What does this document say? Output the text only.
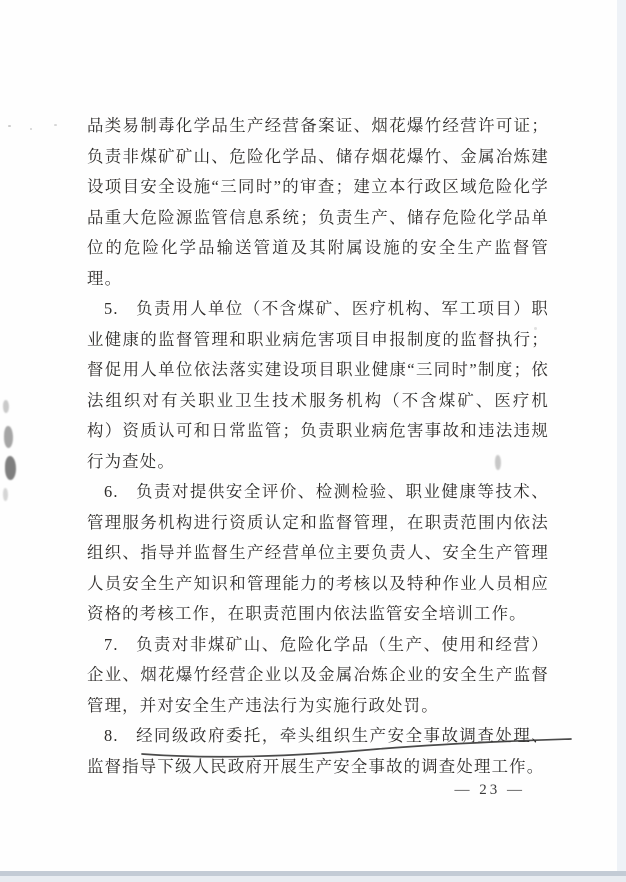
品类易制毒化学品生产经营备案证、烟花爆竹经营许可证；负责非煤矿矿山、危险化学品、储存烟花爆竹、金属冶炼建设项目安全设施“三同时”的审查；建立本行政区域危险化学品重大危险源监管信息系统；负责生产、储存危险化学品单位的危险化学品输送管道及其附属设施的安全生产监督管理。

5. 负责用人单位（不含煤矿、医疗机构、军工项目）职业健康的监督管理和职业病危害项目申报制度的监督执行；督促用人单位依法落实建设项目职业健康“三同时”制度；依法组织对有关职业卫生技术服务机构（不含煤矿、医疗机构）资质认可和日常监管；负责职业病危害事故和违法违规行为查处。

6. 负责对提供安全评价、检测检验、职业健康等技术、管理服务机构进行资质认定和监督管理，在职责范围内依法组织、指导并监督生产经营单位主要负责人、安全生产管理人员安全生产知识和管理能力的考核以及特种作业人员相应资格的考核工作，在职责范围内依法监管安全培训工作。

7. 负责对非煤矿山、危险化学品（生产、使用和经营）企业、烟花爆竹经营企业以及金属冶炼企业的安全生产监督管理，并对安全生产违法行为实施行政处罚。

8. 经同级政府委托，牵头组织生产安全事故调查处理、监督指导下级人民政府开展生产安全事故的调查处理工作。

— 23 —
